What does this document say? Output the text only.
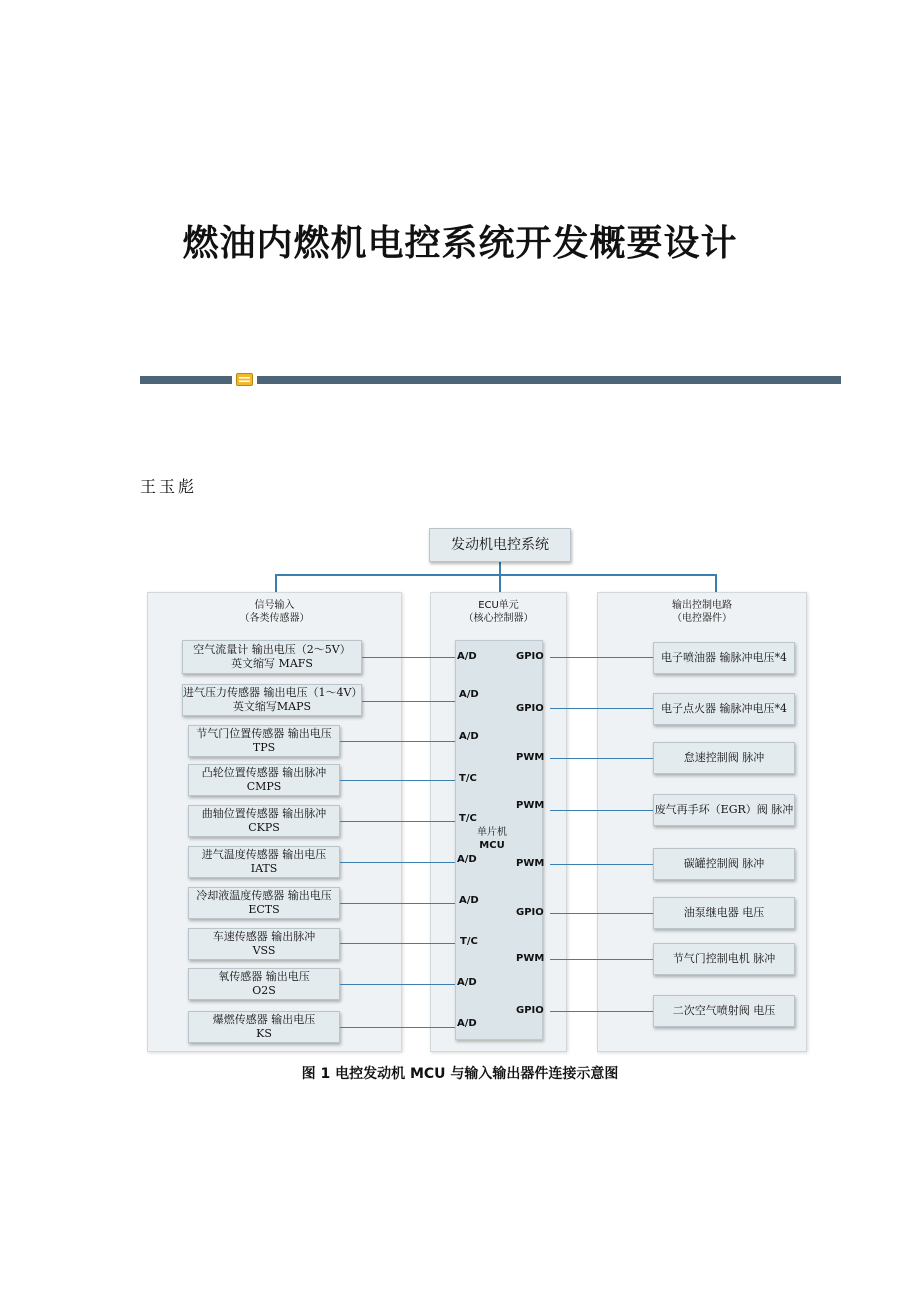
燃油内燃机电控系统开发概要设计
王玉彪
发动机电控系统
信号输入
（各类传感器）
ECU单元
（核心控制器）
输出控制电路
（电控器件）
单片机
MCU
空气流量计 输出电压（2～5V）
英文缩写 MAFS
A/D
进气压力传感器 输出电压（1～4V）
英文缩写MAPS
A/D
节气门位置传感器 输出电压
TPS
A/D
凸轮位置传感器 输出脉冲
CMPS
T/C
曲轴位置传感器 输出脉冲
CKPS
T/C
进气温度传感器 输出电压
IATS
A/D
冷却液温度传感器 输出电压
ECTS
A/D
车速传感器 输出脉冲
VSS
T/C
氧传感器 输出电压
O2S
A/D
爆燃传感器 输出电压
KS
A/D
GPIO	电子喷油器 输脉冲电压*4
GPIO	电子点火器 输脉冲电压*4
PWM	怠速控制阀 脉冲
PWM	废气再手环（EGR）阀 脉冲
PWM	碳罐控制阀 脉冲
GPIO	油泵继电器 电压
PWM	节气门控制电机 脉冲
GPIO	二次空气喷射阀 电压
图 1 电控发动机 MCU 与输入输出器件连接示意图
